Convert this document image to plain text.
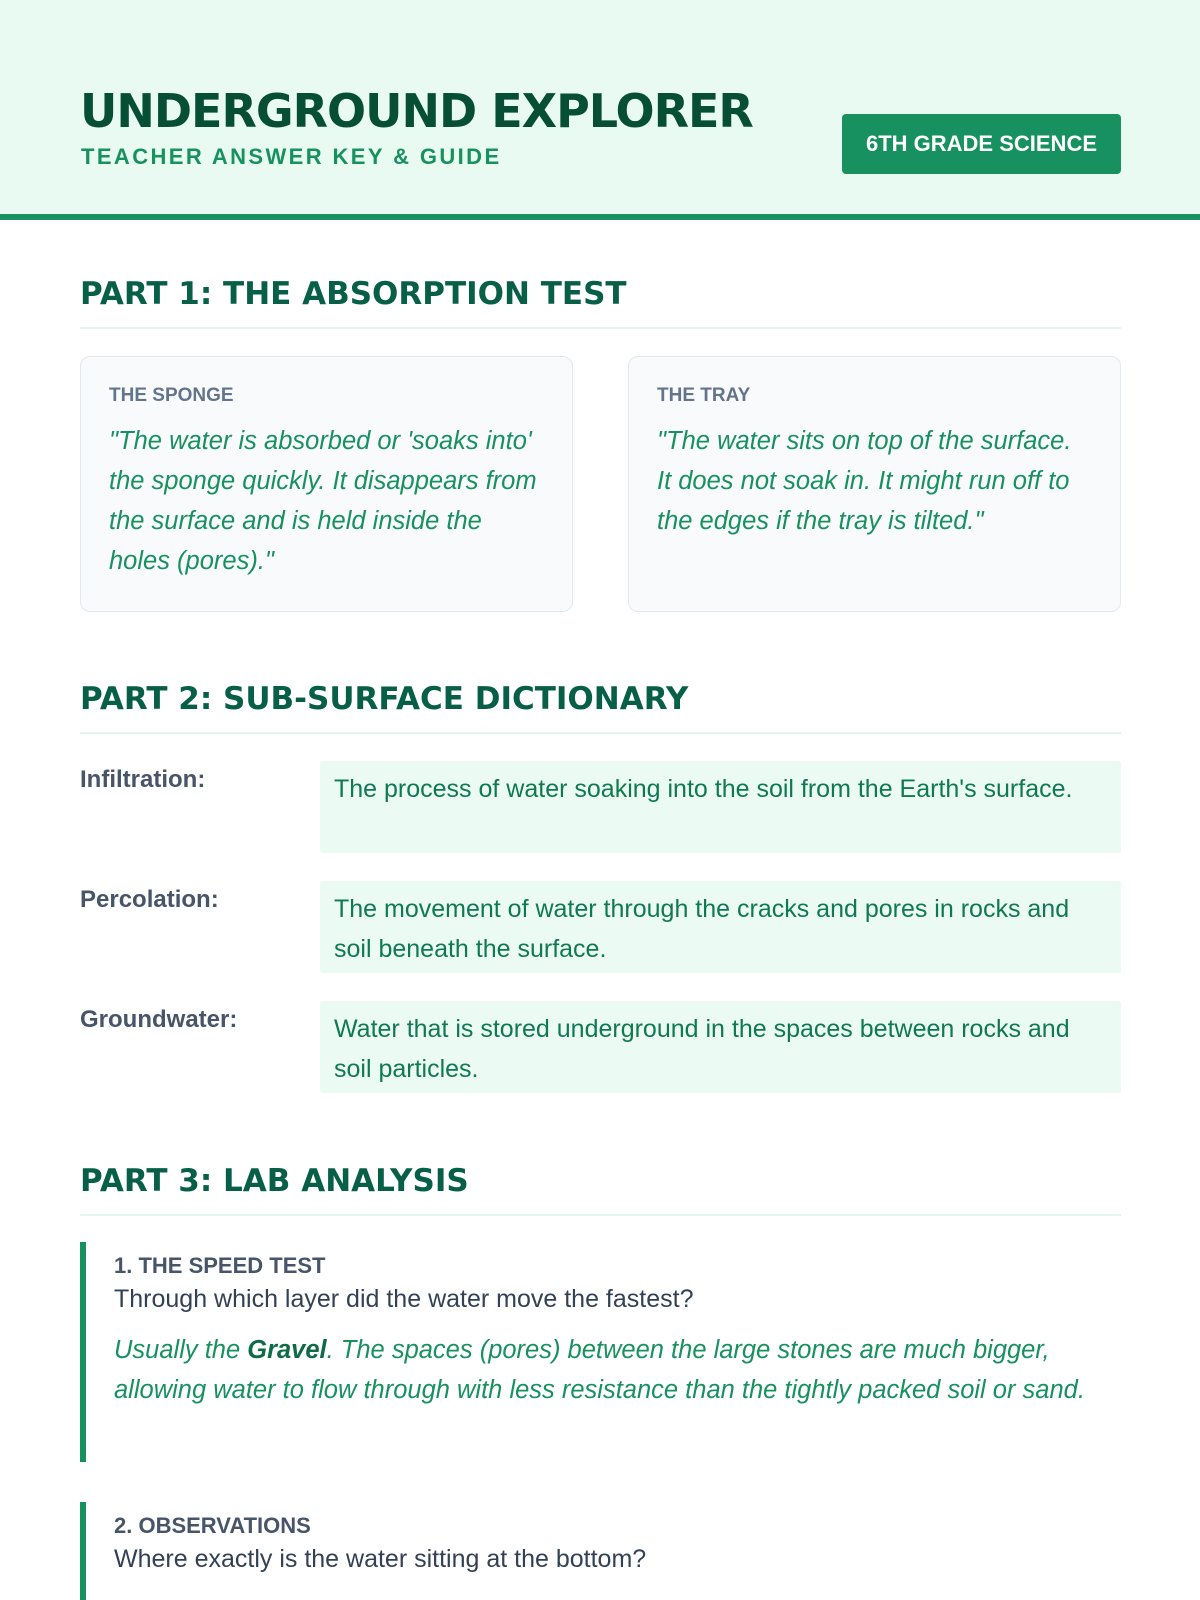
UNDERGROUND EXPLORER
TEACHER ANSWER KEY & GUIDE
6TH GRADE SCIENCE
PART 1: THE ABSORPTION TEST
THE SPONGE
"The water is absorbed or 'soaks into' the sponge quickly. It disappears from the surface and is held inside the holes (pores)."
THE TRAY
"The water sits on top of the surface. It does not soak in. It might run off to the edges if the tray is tilted."
PART 2: SUB-SURFACE DICTIONARY
Infiltration:	The process of water soaking into the soil from the Earth's surface.
Percolation:	The movement of water through the cracks and pores in rocks and soil beneath the surface.
Groundwater:	Water that is stored underground in the spaces between rocks and soil particles.
PART 3: LAB ANALYSIS
1. THE SPEED TEST
Through which layer did the water move the fastest?
Usually the Gravel. The spaces (pores) between the large stones are much bigger, allowing water to flow through with less resistance than the tightly packed soil or sand.
2. OBSERVATIONS
Where exactly is the water sitting at the bottom?
